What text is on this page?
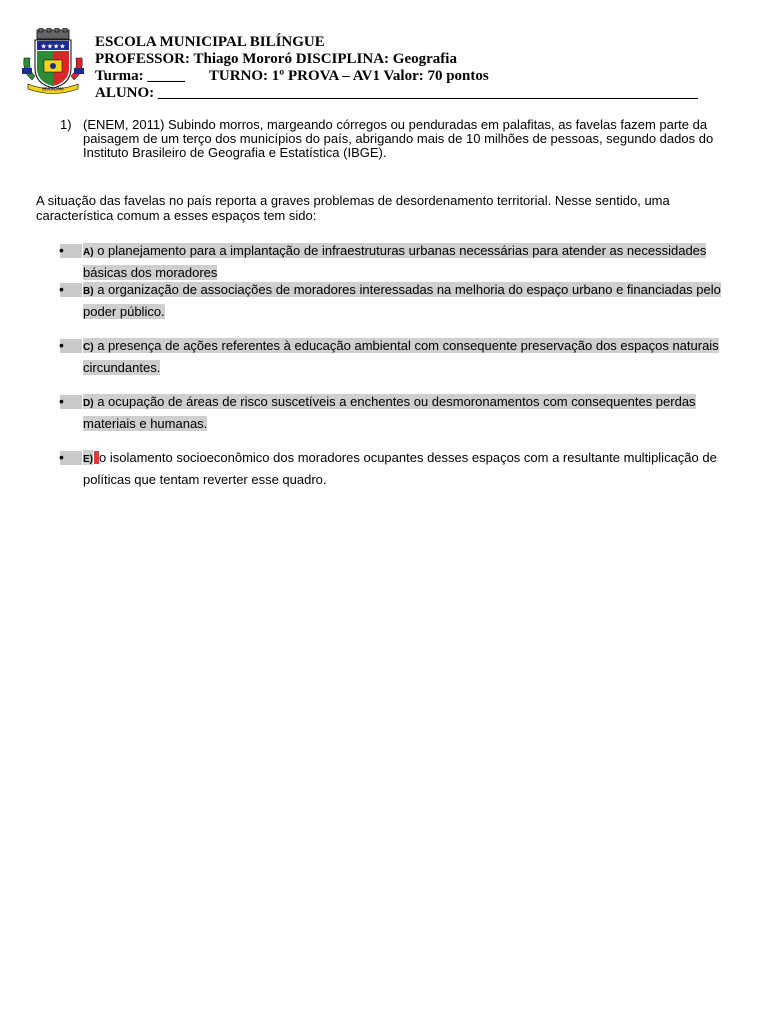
★★★★
BRAS LIMA
ESCOLA MUNICIPAL BILÍNGUE
PROFESSOR: Thiago Mororó DISCIPLINA: Geografia
Turma: _____ TURNO: 1º PROVA – AV1 Valor: 70 pontos
ALUNO: ________________________________________________________________________
1) (ENEM, 2011) Subindo morros, margeando córregos ou penduradas em palafitas, as favelas fazem parte da paisagem de um terço dos municípios do país, abrigando mais de 10 milhões de pessoas, segundo dados do Instituto Brasileiro de Geografia e Estatística (IBGE).
A situação das favelas no país reporta a graves problemas de desordenamento territorial. Nesse sentido, uma característica comum a esses espaços tem sido:
•
A) o planejamento para a implantação de infraestruturas urbanas necessárias para atender as necessidades básicas dos moradores
•
B) a organização de associações de moradores interessadas na melhoria do espaço urbano e financiadas pelo poder público.
•
C) a presença de ações referentes à educação ambiental com consequente preservação dos espaços naturais circundantes.
•
D) a ocupação de áreas de risco suscetíveis a enchentes ou desmoronamentos com consequentes perdas materiais e humanas.
•
E) o isolamento socioeconômico dos moradores ocupantes desses espaços com a resultante multiplicação de políticas que tentam reverter esse quadro.
